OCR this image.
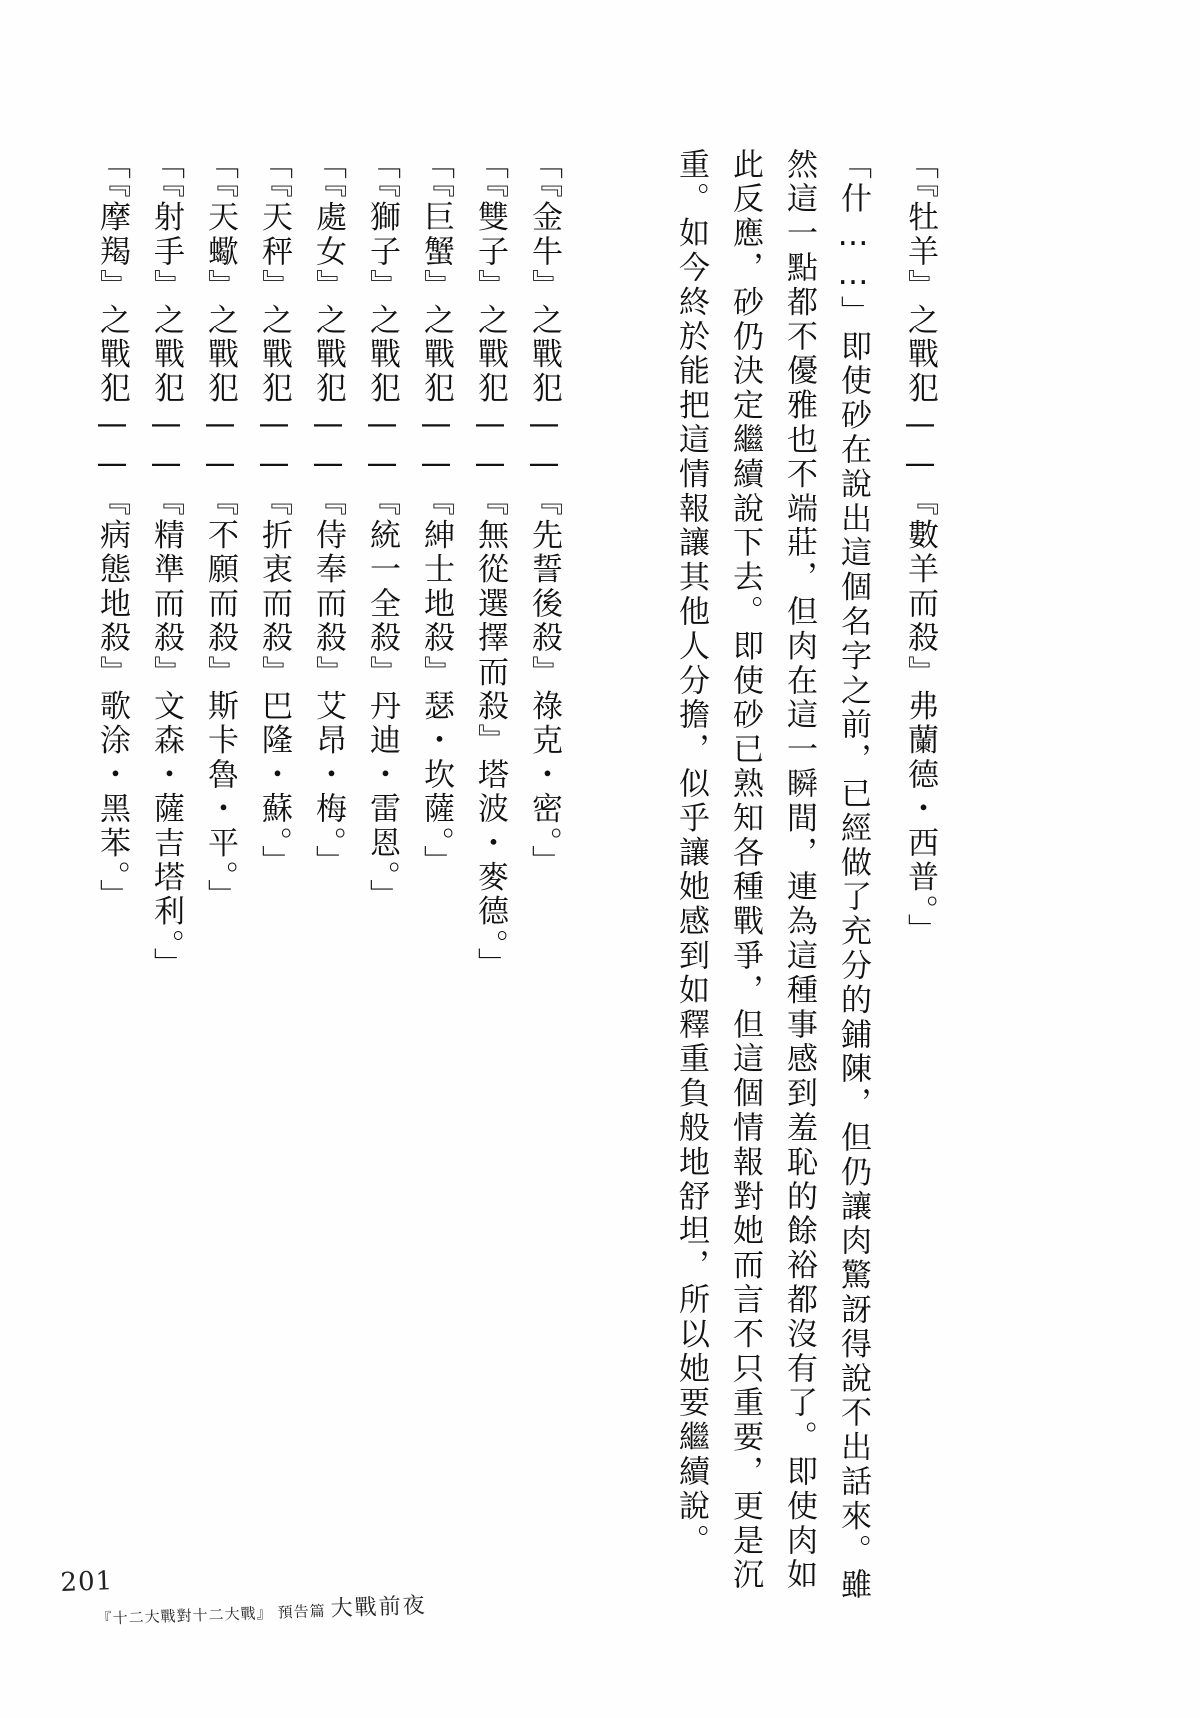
「『牡羊』之戰犯——『數羊而殺』弗蘭德・西普。」
「什……」即使砂在說出這個名字之前，已經做了充分的鋪陳，但仍讓肉驚訝得說不出話來。雖
然這一點都不優雅也不端莊，但肉在這一瞬間，連為這種事感到羞恥的餘裕都沒有了。即使肉如
此反應，砂仍決定繼續說下去。即使砂已熟知各種戰爭，但這個情報對她而言不只重要，更是沉
重。如今終於能把這情報讓其他人分擔，似乎讓她感到如釋重負般地舒坦，所以她要繼續說。
「『金牛』之戰犯——『先誓後殺』祿克・密。」
「『雙子』之戰犯——『無從選擇而殺』塔波・麥德。」
「『巨蟹』之戰犯——『紳士地殺』瑟・坎薩。」
「『獅子』之戰犯——『統一全殺』丹迪・雷恩。」
「『處女』之戰犯——『侍奉而殺』艾昂・梅。」
「『天秤』之戰犯——『折衷而殺』巴隆・蘇。」
「『天蠍』之戰犯——『不願而殺』斯卡魯・平。」
「『射手』之戰犯——『精準而殺』文森・薩吉塔利。」
「『摩羯』之戰犯——『病態地殺』歌涂・黑苯。」
201
『十二大戰對十二大戰』 預告篇 大戰前夜
